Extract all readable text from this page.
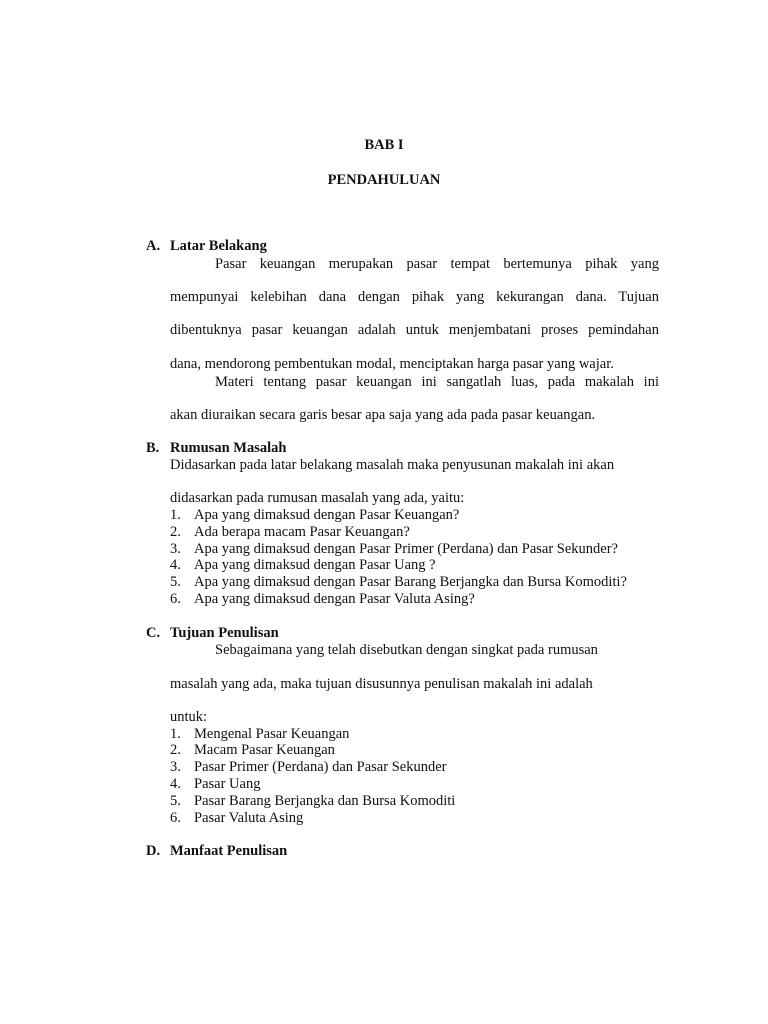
BAB I
PENDAHULUAN
A. Latar Belakang
Pasar keuangan merupakan pasar tempat bertemunya pihak yang
mempunyai kelebihan dana dengan pihak yang kekurangan dana. Tujuan
dibentuknya pasar keuangan adalah untuk menjembatani proses pemindahan
dana, mendorong pembentukan modal, menciptakan harga pasar yang wajar.
Materi tentang pasar keuangan ini sangatlah luas, pada makalah ini
akan diuraikan secara garis besar apa saja yang ada pada pasar keuangan.
B. Rumusan Masalah
Didasarkan pada latar belakang masalah maka penyusunan makalah ini akan
didasarkan pada rumusan masalah yang ada, yaitu:
1. Apa yang dimaksud dengan Pasar Keuangan?
2. Ada berapa macam Pasar Keuangan?
3. Apa yang dimaksud dengan Pasar Primer (Perdana) dan Pasar Sekunder?
4. Apa yang dimaksud dengan Pasar Uang ?
5. Apa yang dimaksud dengan Pasar Barang Berjangka dan Bursa Komoditi?
6. Apa yang dimaksud dengan Pasar Valuta Asing?
C. Tujuan Penulisan
Sebagaimana yang telah disebutkan dengan singkat pada rumusan
masalah yang ada, maka tujuan disusunnya penulisan makalah ini adalah
untuk:
1. Mengenal Pasar Keuangan
2. Macam Pasar Keuangan
3. Pasar Primer (Perdana) dan Pasar Sekunder
4. Pasar Uang
5. Pasar Barang Berjangka dan Bursa Komoditi
6. Pasar Valuta Asing
D. Manfaat Penulisan
